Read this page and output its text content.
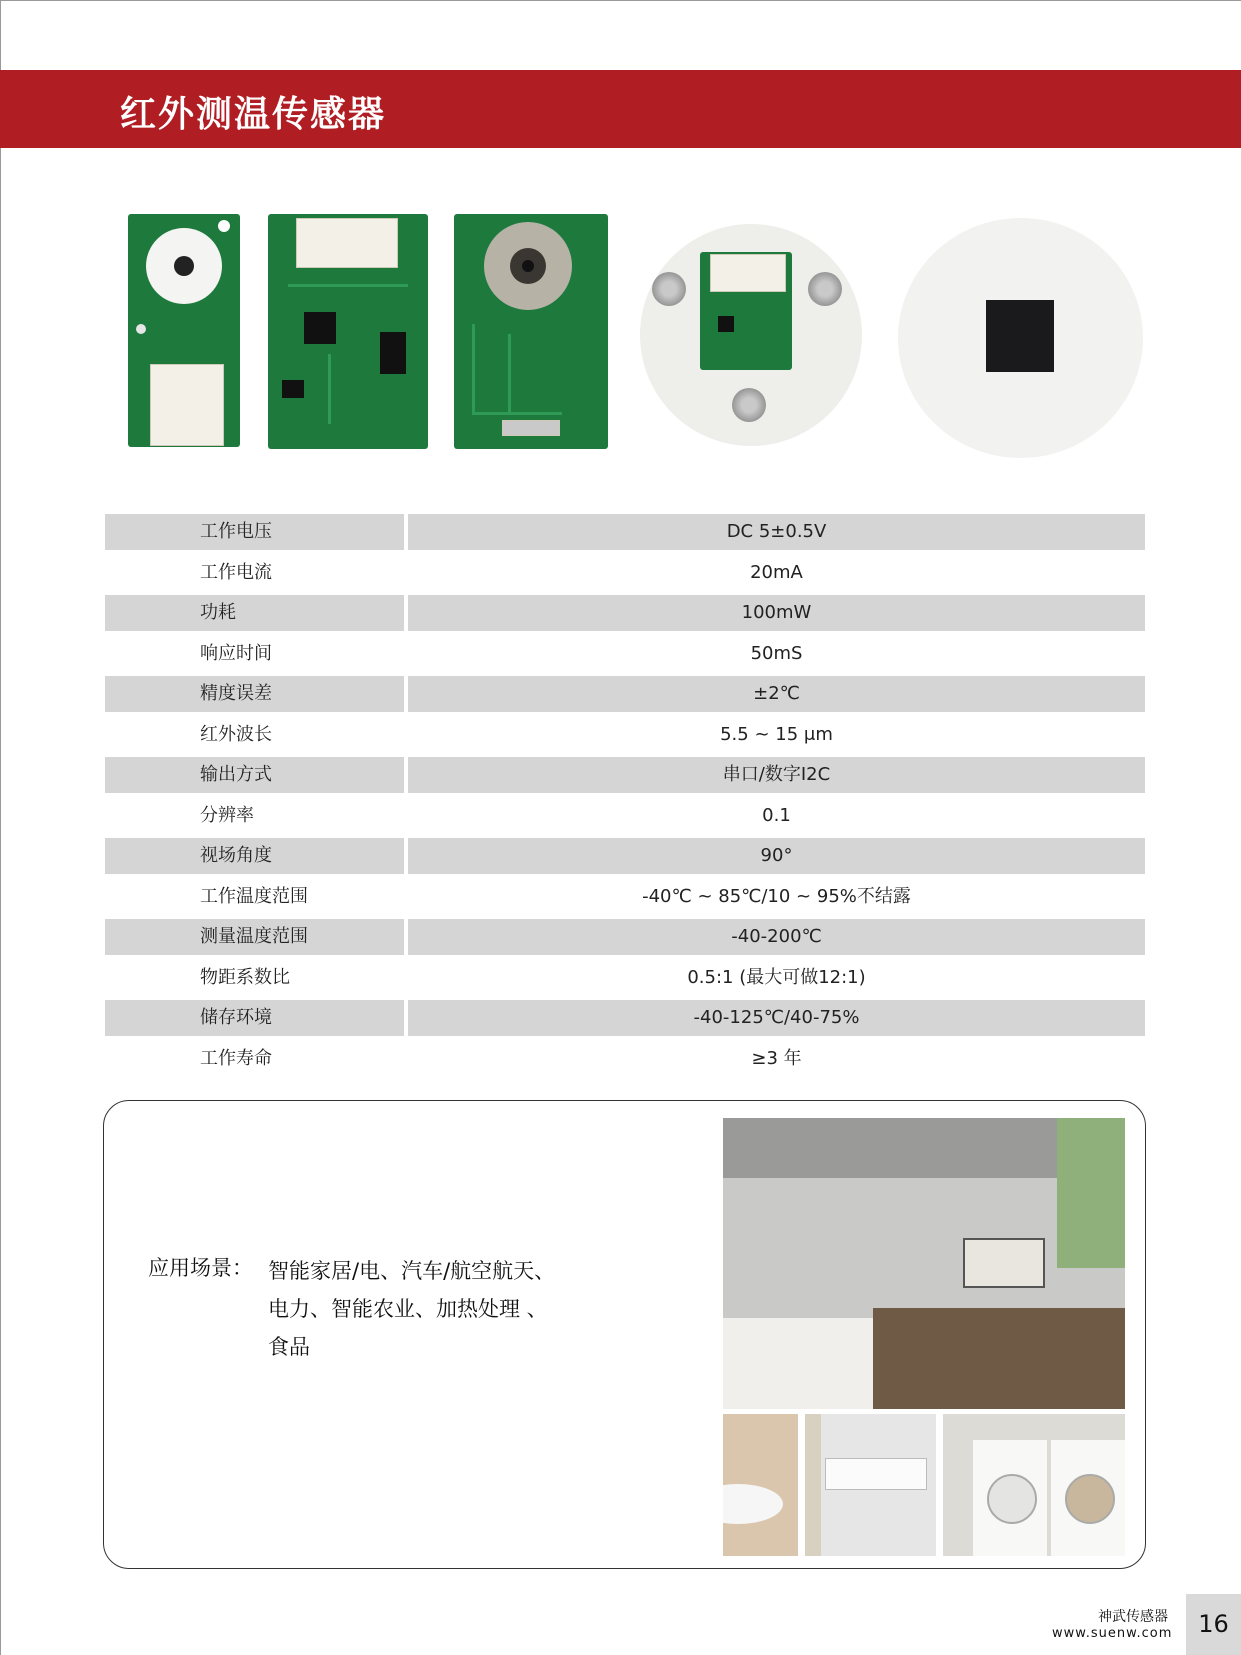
红外测温传感器
工作电压	DC 5±0.5V
工作电流	20mA
功耗	100mW
响应时间	50mS
精度误差	±2℃
红外波长	5.5 ~ 15 μm
输出方式	串口/数字I2C
分辨率	0.1
视场角度	90°
工作温度范围	-40℃ ~ 85℃/10 ~ 95%不结露
测量温度范围	-40-200℃
物距系数比	0.5:1 (最大可做12:1)
储存环境	-40-125℃/40-75%
工作寿命	≥3 年
应用场景： 智能家居/电、汽车/航空航天、
电力、智能农业、加热处理 、
食品
神武传感器
www.suenw.com	16
